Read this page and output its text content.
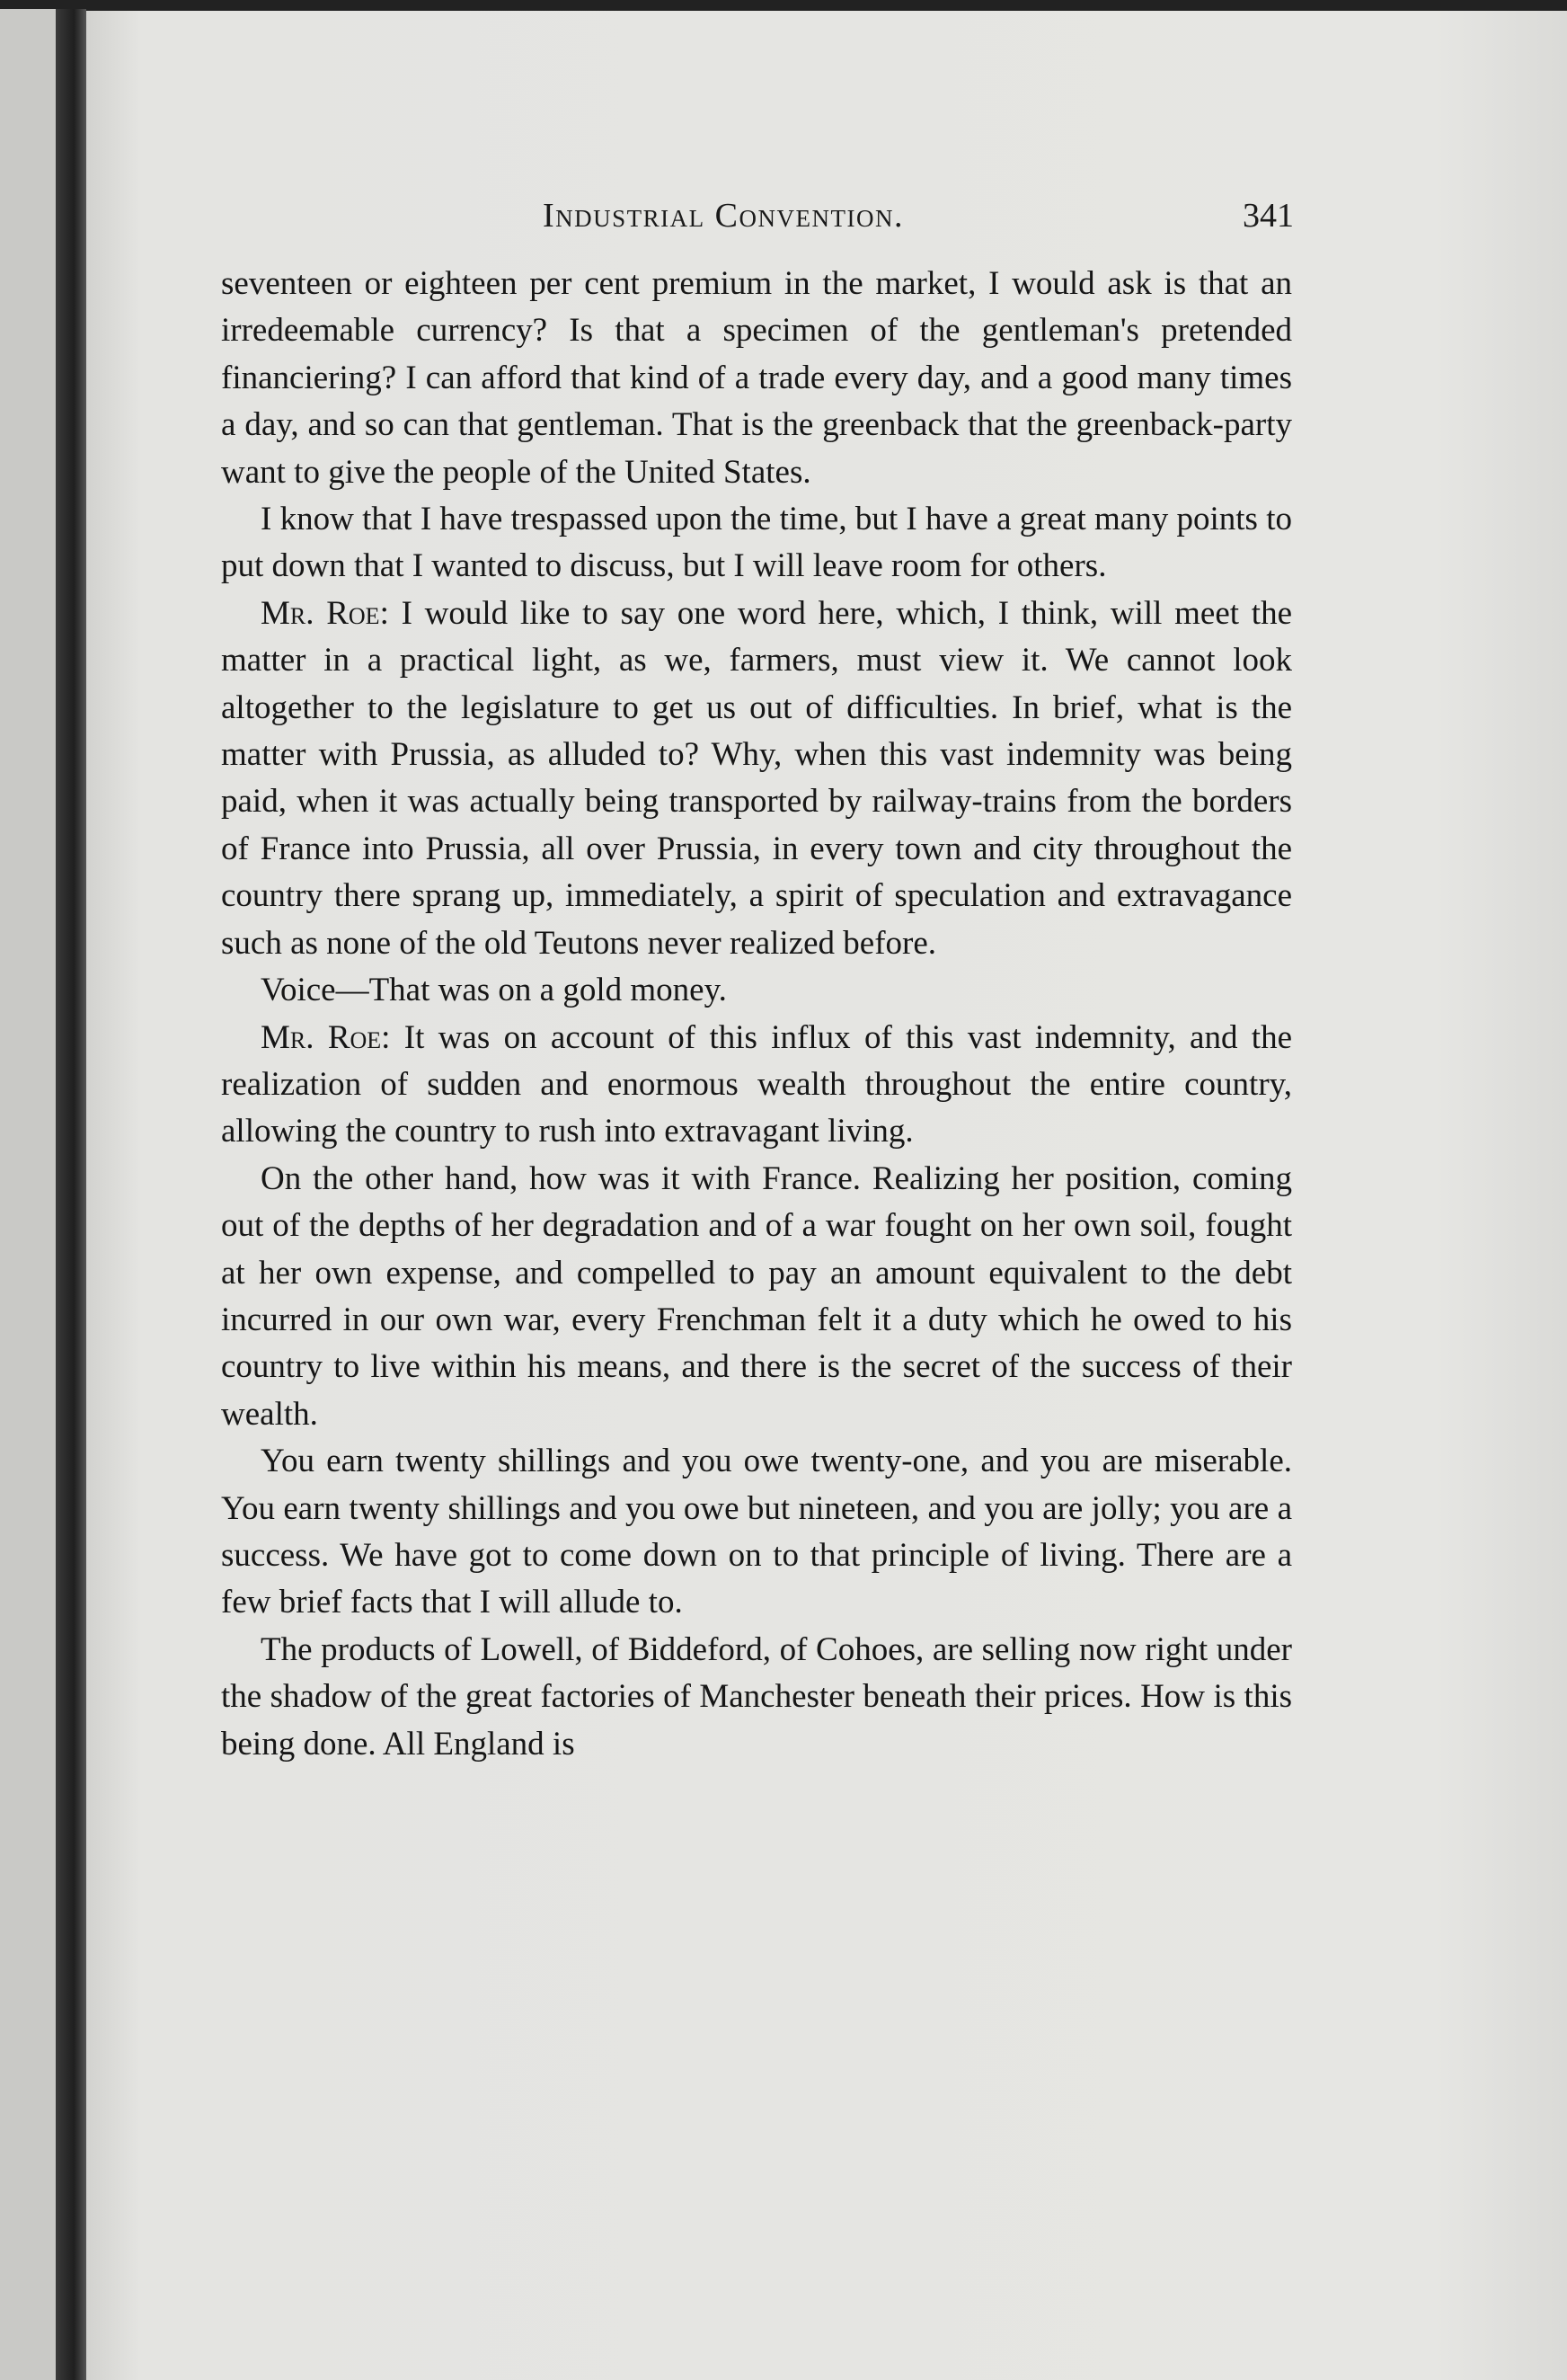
Industrial Convention.	341

seventeen or eighteen per cent premium in the market, I would ask is that an irredeemable currency? Is that a specimen of the gentleman's pretended financiering? I can afford that kind of a trade every day, and a good many times a day, and so can that gentleman. That is the greenback that the greenback-party want to give the people of the United States.

I know that I have trespassed upon the time, but I have a great many points to put down that I wanted to discuss, but I will leave room for others.

Mr. Roe: I would like to say one word here, which, I think, will meet the matter in a practical light, as we, farmers, must view it. We cannot look altogether to the legislature to get us out of difficulties. In brief, what is the matter with Prussia, as alluded to? Why, when this vast indemnity was being paid, when it was actually being transported by railway-trains from the borders of France into Prussia, all over Prussia, in every town and city throughout the country there sprang up, immediately, a spirit of speculation and extravagance such as none of the old Teutons never realized before.

Voice—That was on a gold money.

Mr. Roe: It was on account of this influx of this vast indemnity, and the realization of sudden and enormous wealth throughout the entire country, allowing the country to rush into extravagant living.

On the other hand, how was it with France. Realizing her position, coming out of the depths of her degradation and of a war fought on her own soil, fought at her own expense, and compelled to pay an amount equivalent to the debt incurred in our own war, every Frenchman felt it a duty which he owed to his country to live within his means, and there is the secret of the success of their wealth.

You earn twenty shillings and you owe twenty-one, and you are miserable. You earn twenty shillings and you owe but nineteen, and you are jolly; you are a success. We have got to come down on to that principle of living. There are a few brief facts that I will allude to.

The products of Lowell, of Biddeford, of Cohoes, are selling now right under the shadow of the great factories of Manchester beneath their prices. How is this being done. All England is
